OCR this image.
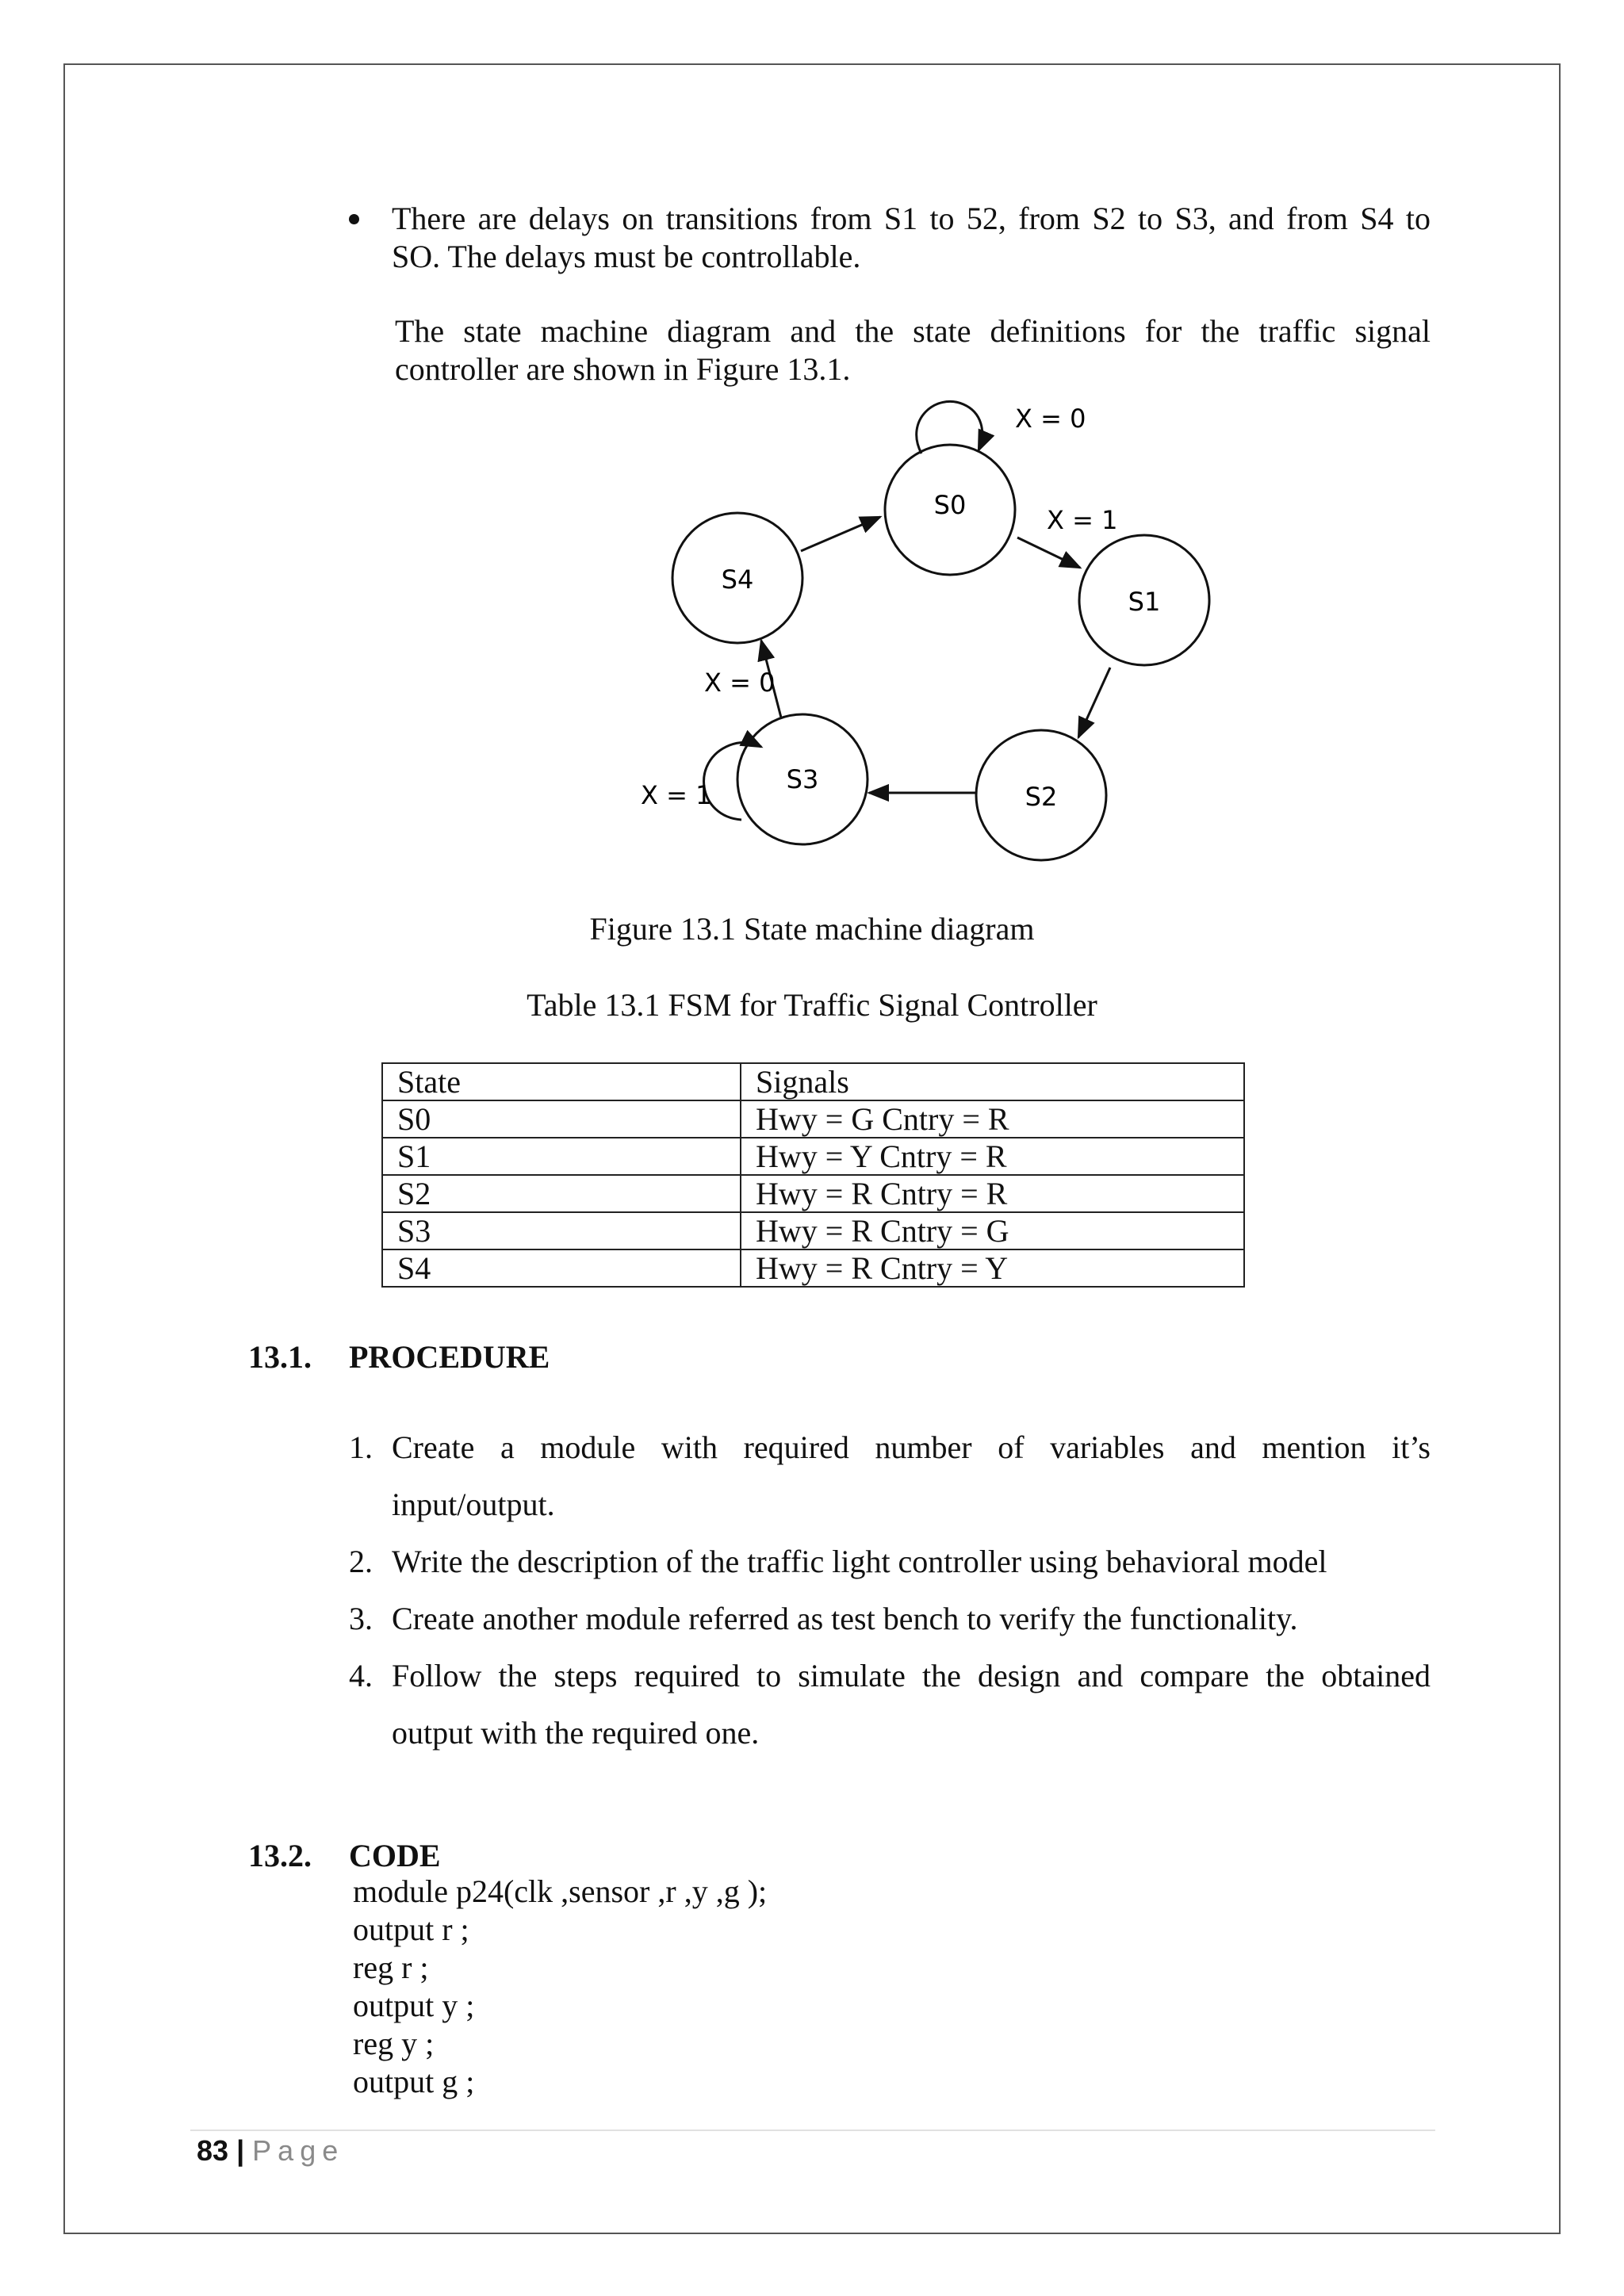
There are delays on transitions from S1 to 52, from S2 to S3, and from S4 to
SO. The delays must be controllable.
The state machine diagram and the state definitions for the traffic signal
controller are shown in Figure 13.1.
S0
S1
S2
S3
S4
X = 0
X = 1
X = 0
X = 1
Figure 13.1 State machine diagram
Table 13.1 FSM for Traffic Signal Controller
State	Signals
S0	Hwy = G Cntry = R
S1	Hwy = Y Cntry = R
S2	Hwy = R Cntry = R
S3	Hwy = R Cntry = G
S4	Hwy = R Cntry = Y
13.1. PROCEDURE
1. Create a module with required number of variables and mention it’s
input/output.
2. Write the description of the traffic light controller using behavioral model
3. Create another module referred as test bench to verify the functionality.
4. Follow the steps required to simulate the design and compare the obtained
output with the required one.
13.2. CODE
module p24(clk ,sensor ,r ,y ,g );
output r ;
reg r ;
output y ;
reg y ;
output g ;
83 | Page
